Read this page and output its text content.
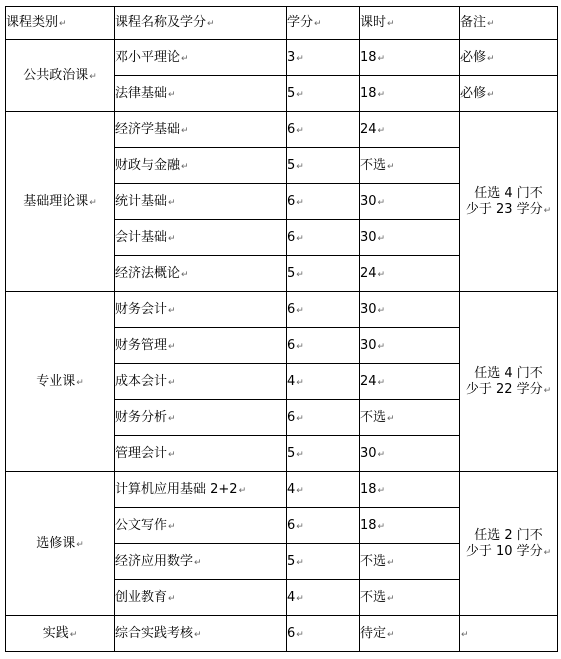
课程类别↵	课程名称及学分↵	学分↵	课时↵	备注↵
公共政治课↵	邓小平理论↵	3↵	18↵	必修↵
	法律基础↵	5↵	18↵	必修↵
基础理论课↵	经济学基础↵	6↵	24↵	任选 4 门不
少于 23 学分↵
	财政与金融↵	5↵	不选↵	
	统计基础↵	6↵	30↵	
	会计基础↵	6↵	30↵	
	经济法概论↵	5↵	24↵	
专业课↵	财务会计↵	6↵	30↵	任选 4 门不
少于 22 学分↵
	财务管理↵	6↵	30↵	
	成本会计↵	4↵	24↵	
	财务分析↵	6↵	不选↵	
	管理会计↵	5↵	30↵	
选修课↵	计算机应用基础 2+2↵	4↵	18↵	任选 2 门不
少于 10 学分↵
	公文写作↵	6↵	18↵	
	经济应用数学↵	5↵	不选↵	
	创业教育↵	4↵	不选↵	
实践↵	综合实践考核↵	6↵	待定↵	↵
